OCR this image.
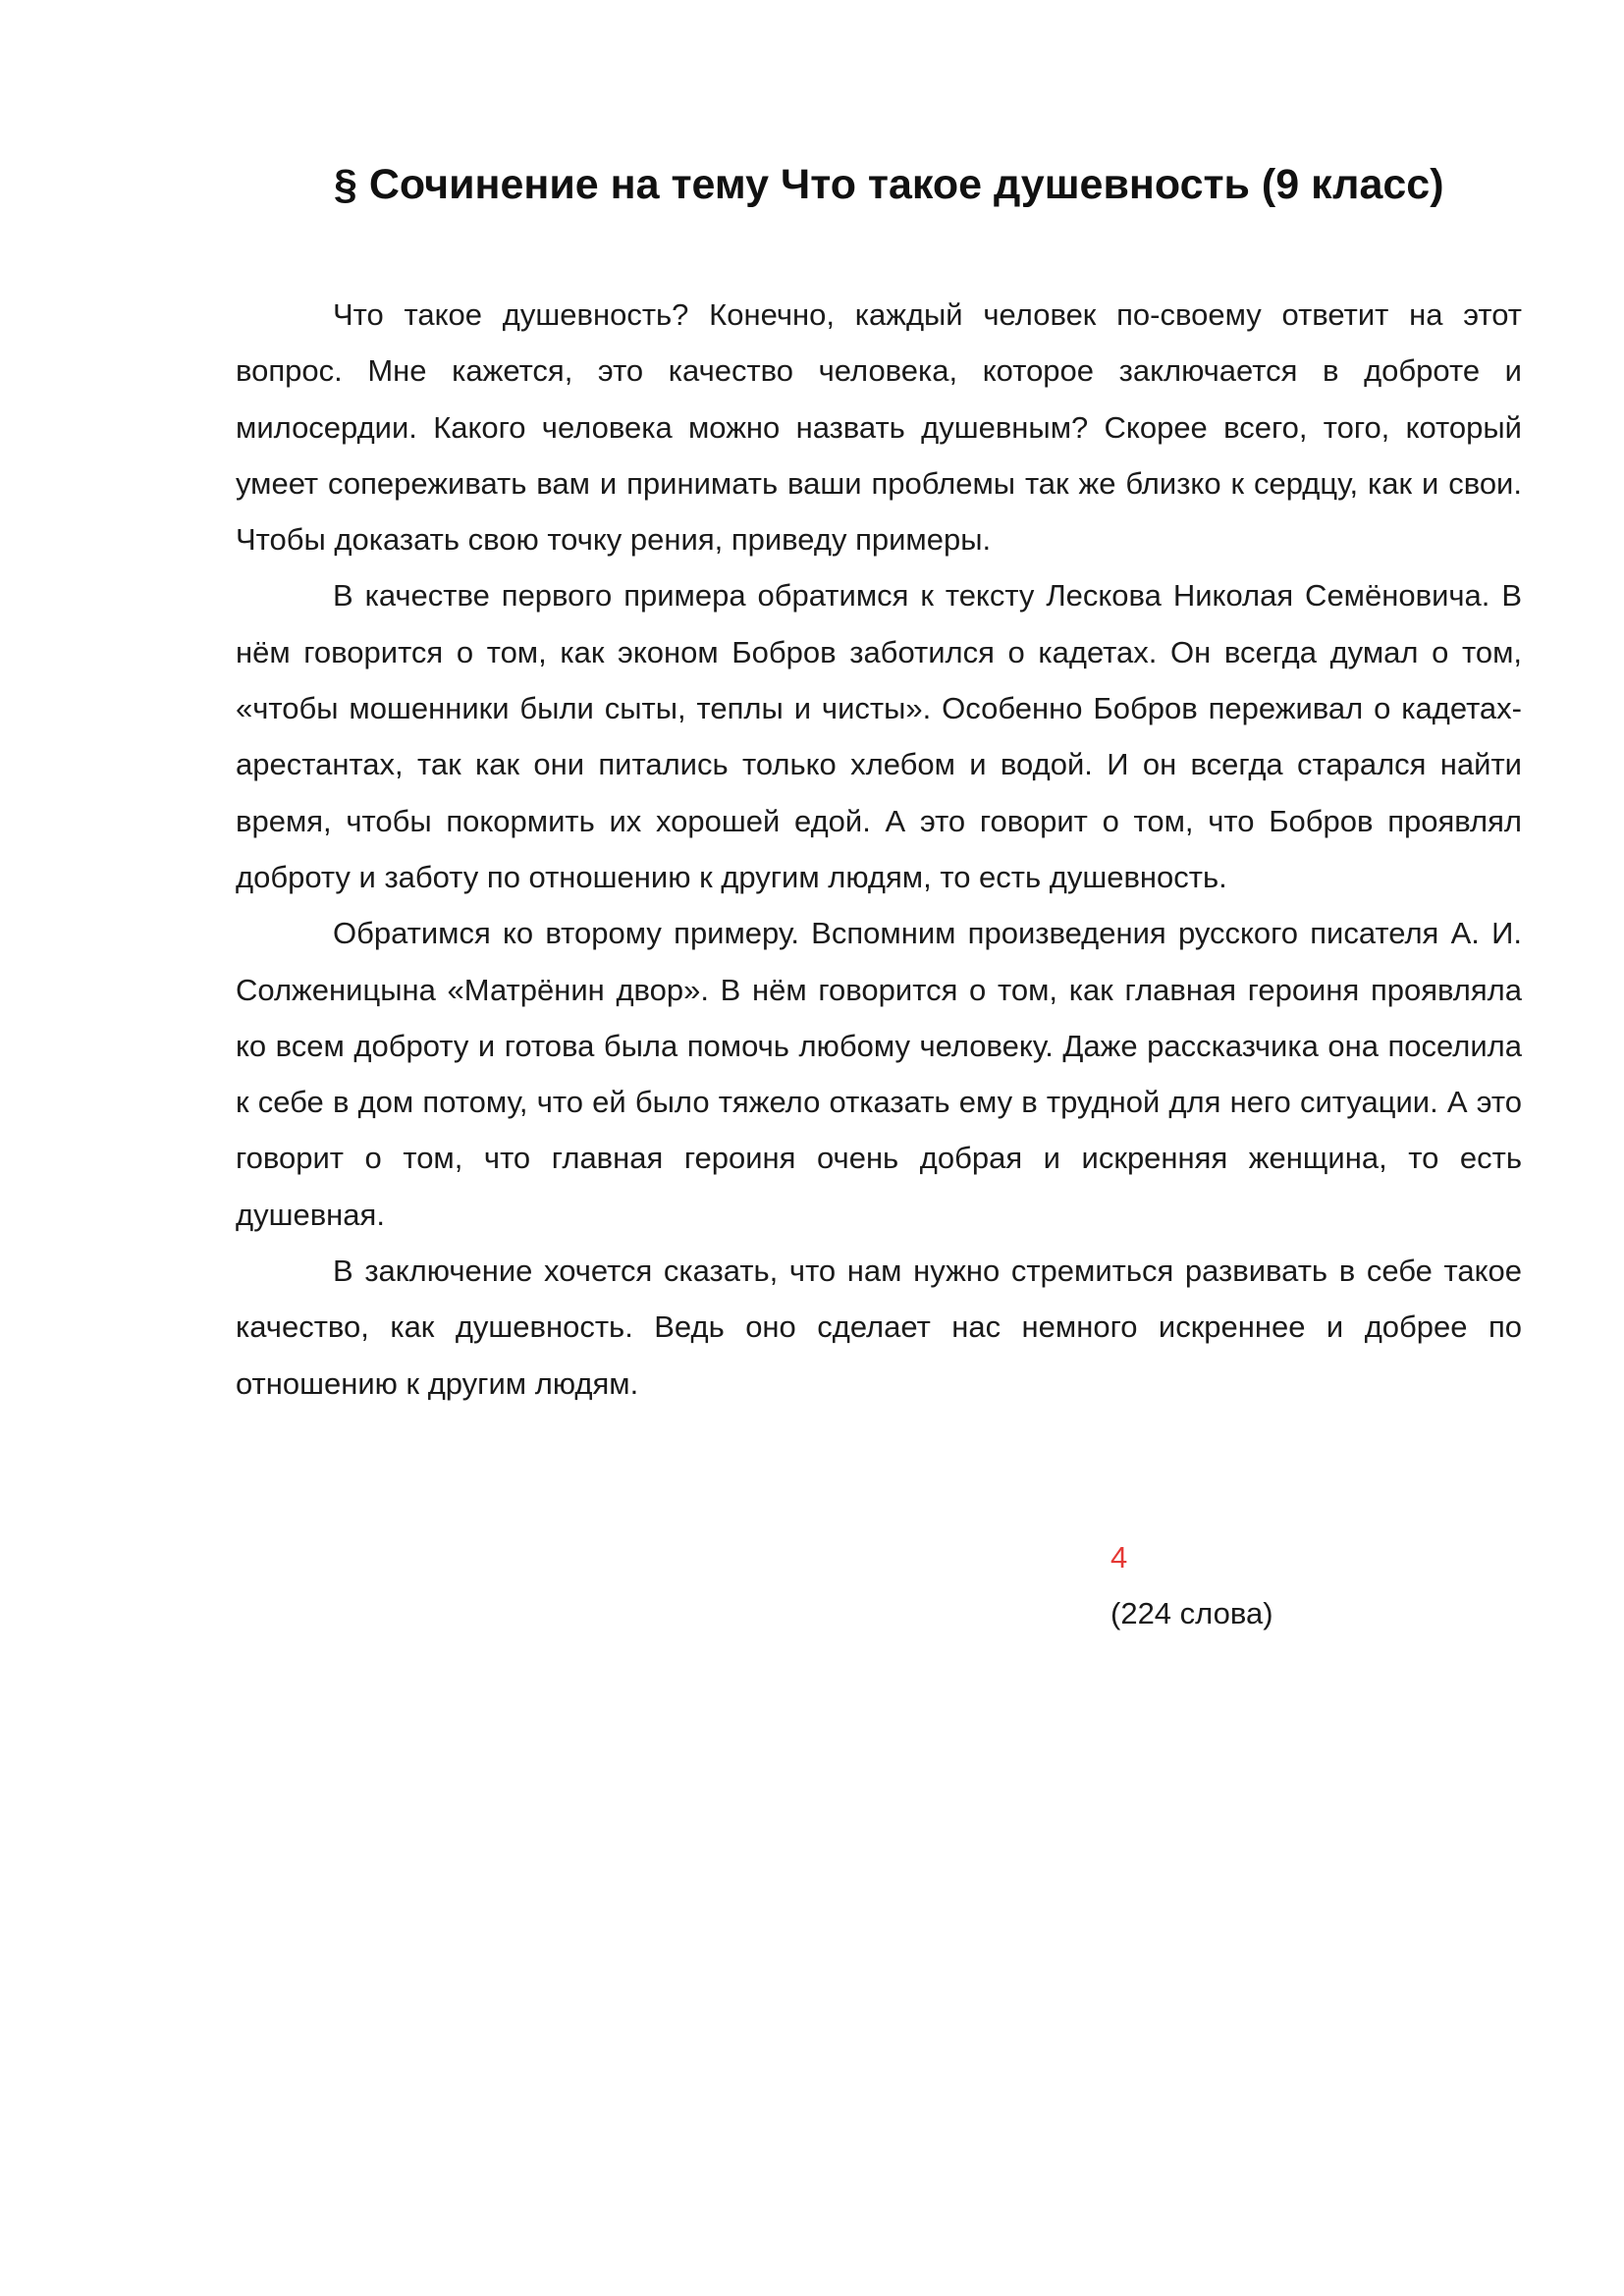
§ Сочинение на тему Что такое душевность (9 класс)

Что такое душевность? Конечно, каждый человек по-своему ответит на этот вопрос. Мне кажется, это качество человека, которое заключается в доброте и милосердии. Какого человека можно назвать душевным? Скорее всего, того, который умеет сопереживать вам и принимать ваши проблемы так же близко к сердцу, как и свои. Чтобы доказать свою точку рения, приведу примеры.

В качестве первого примера обратимся к тексту Лескова Николая Семёновича. В нём говорится о том, как эконом Бобров заботился о кадетах. Он всегда думал о том, «чтобы мошенники были сыты, теплы и чисты». Особенно Бобров переживал о кадетах-арестантах, так как они питались только хлебом и водой. И он всегда старался найти время, чтобы покормить их хорошей едой. А это говорит о том, что Бобров проявлял доброту и заботу по отношению к другим людям, то есть душевность.

Обратимся ко второму примеру. Вспомним произведения русского писателя А. И. Солженицына «Матрёнин двор». В нём говорится о том, как главная героиня проявляла ко всем доброту и готова была помочь любому человеку. Даже рассказчика она поселила к себе в дом потому, что ей было тяжело отказать ему в трудной для него ситуации. А это говорит о том, что главная героиня очень добрая и искренняя женщина, то есть душевная.

В заключение хочется сказать, что нам нужно стремиться развивать в себе такое качество, как душевность. Ведь оно сделает нас немного искреннее и добрее по отношению к другим людям.

4
(224 слова)
